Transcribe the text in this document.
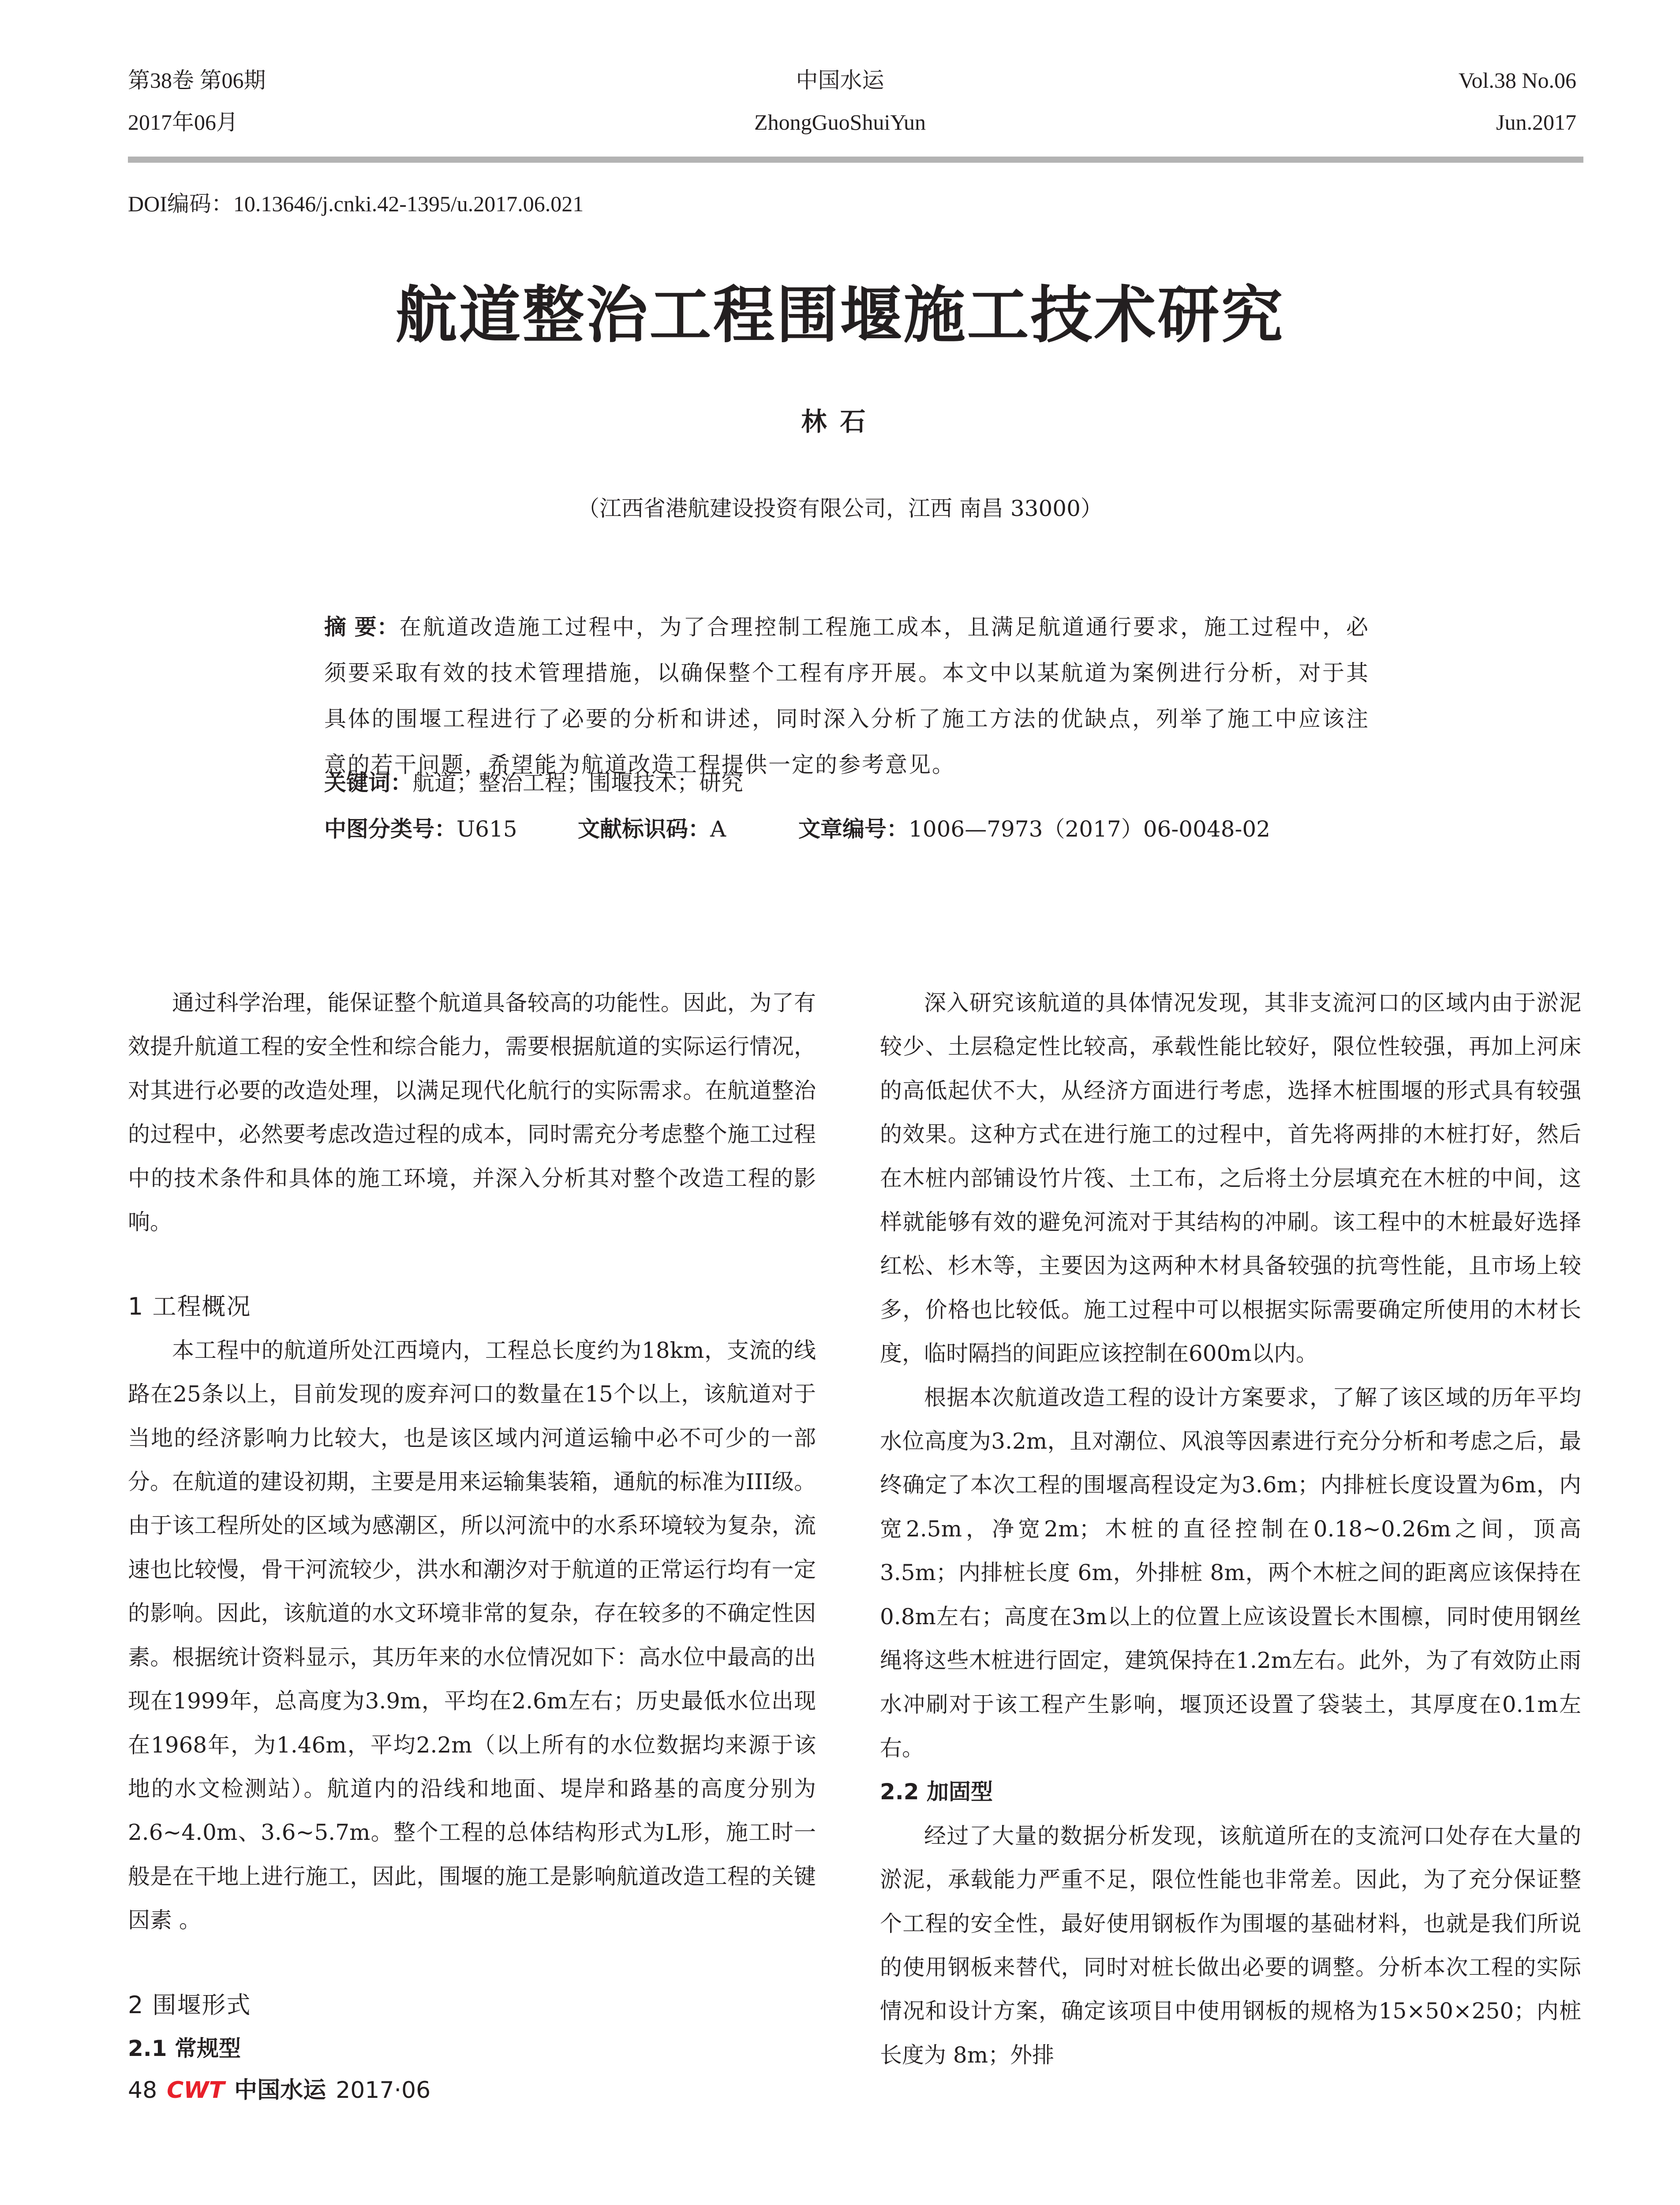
第38卷 第06期
2017年06月
中国水运
ZhongGuoShuiYun
Vol.38 No.06
Jun.2017
DOI编码：10.13646/j.cnki.42-1395/u.2017.06.021
航道整治工程围堰施工技术研究
林石
（江西省港航建设投资有限公司，江西 南昌 33000）
摘 要：在航道改造施工过程中，为了合理控制工程施工成本，且满足航道通行要求，施工过程中，必须要采取有效的技术管理措施，以确保整个工程有序开展。本文中以某航道为案例进行分析，对于其具体的围堰工程进行了必要的分析和讲述，同时深入分析了施工方法的优缺点，列举了施工中应该注意的若干问题，希望能为航道改造工程提供一定的参考意见。
关键词：航道；整治工程；围堰技术；研究
中图分类号：U615	文献标识码：A	文章编号：1006—7973（2017）06-0048-02

通过科学治理，能保证整个航道具备较高的功能性。因此，为了有效提升航道工程的安全性和综合能力，需要根据航道的实际运行情况，对其进行必要的改造处理，以满足现代化航行的实际需求。在航道整治的过程中，必然要考虑改造过程的成本，同时需充分考虑整个施工过程中的技术条件和具体的施工环境，并深入分析其对整个改造工程的影响。

1 工程概况

本工程中的航道所处江西境内，工程总长度约为18km，支流的线路在25条以上，目前发现的废弃河口的数量在15个以上，该航道对于当地的经济影响力比较大，也是该区域内河道运输中必不可少的一部分。在航道的建设初期，主要是用来运输集装箱，通航的标准为III级。由于该工程所处的区域为感潮区，所以河流中的水系环境较为复杂，流速也比较慢，骨干河流较少，洪水和潮汐对于航道的正常运行均有一定的影响。因此，该航道的水文环境非常的复杂，存在较多的不确定性因素。根据统计资料显示，其历年来的水位情况如下：高水位中最高的出现在1999年，总高度为3.9m，平均在2.6m左右；历史最低水位出现在1968年，为1.46m，平均2.2m（以上所有的水位数据均来源于该地的水文检测站）。航道内的沿线和地面、堤岸和路基的高度分别为2.6~4.0m、3.6~5.7m。整个工程的总体结构形式为L形，施工时一般是在干地上进行施工，因此，围堰的施工是影响航道改造工程的关键因素 。

2 围堰形式
2.1 常规型

深入研究该航道的具体情况发现，其非支流河口的区域内由于淤泥较少、土层稳定性比较高，承载性能比较好，限位性较强，再加上河床的高低起伏不大，从经济方面进行考虑，选择木桩围堰的形式具有较强的效果。这种方式在进行施工的过程中，首先将两排的木桩打好，然后在木桩内部铺设竹片筏、土工布，之后将土分层填充在木桩的中间，这样就能够有效的避免河流对于其结构的冲刷。该工程中的木桩最好选择红松、杉木等，主要因为这两种木材具备较强的抗弯性能，且市场上较多，价格也比较低。施工过程中可以根据实际需要确定所使用的木材长度，临时隔挡的间距应该控制在600m以内。

根据本次航道改造工程的设计方案要求，了解了该区域的历年平均水位高度为3.2m，且对潮位、风浪等因素进行充分分析和考虑之后，最终确定了本次工程的围堰高程设定为3.6m；内排桩长度设置为6m，内宽2.5m，净宽2m；木桩的直径控制在0.18~0.26m之间，顶高 3.5m；内排桩长度 6m，外排桩 8m，两个木桩之间的距离应该保持在0.8m左右；高度在3m以上的位置上应该设置长木围檩，同时使用钢丝绳将这些木桩进行固定，建筑保持在1.2m左右。此外，为了有效防止雨水冲刷对于该工程产生影响，堰顶还设置了袋装土，其厚度在0.1m左右。

2.2 加固型

经过了大量的数据分析发现，该航道所在的支流河口处存在大量的淤泥，承载能力严重不足，限位性能也非常差。因此，为了充分保证整个工程的安全性，最好使用钢板作为围堰的基础材料，也就是我们所说的使用钢板来替代，同时对桩长做出必要的调整。分析本次工程的实际情况和设计方案，确定该项目中使用钢板的规格为15×50×250；内桩长度为 8m；外排

48 CWT 中国水运 2017·06
